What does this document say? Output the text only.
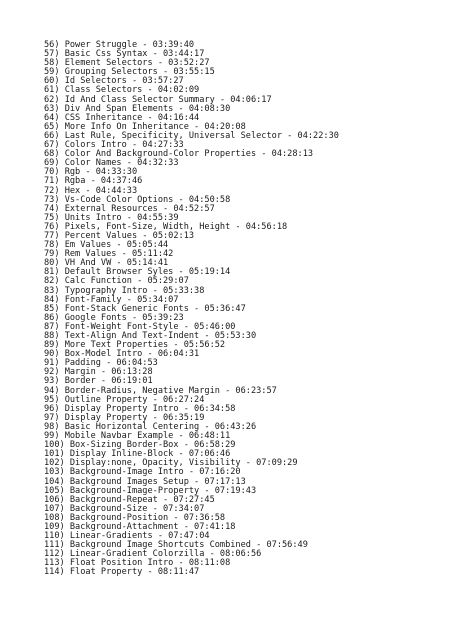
56) Power Struggle - 03:39:40
57) Basic Css Syntax - 03:44:17
58) Element Selectors - 03:52:27
59) Grouping Selectors - 03:55:15
60) Id Selectors - 03:57:27
61) Class Selectors - 04:02:09
62) Id And Class Selector Summary - 04:06:17
63) Div And Span Elements - 04:08:30
64) CSS Inheritance - 04:16:44
65) More Info On Inheritance - 04:20:08
66) Last Rule, Specificity, Universal Selector - 04:22:30
67) Colors Intro - 04:27:33
68) Color And Background-Color Properties - 04:28:13
69) Color Names - 04:32:33
70) Rgb - 04:33:30
71) Rgba - 04:37:46
72) Hex - 04:44:33
73) Vs-Code Color Options - 04:50:58
74) External Resources - 04:52:57
75) Units Intro - 04:55:39
76) Pixels, Font-Size, Width, Height - 04:56:18
77) Percent Values - 05:02:13
78) Em Values - 05:05:44
79) Rem Values - 05:11:42
80) VH And VW - 05:14:41
81) Default Browser Syles - 05:19:14
82) Calc Function - 05:29:07
83) Typography Intro - 05:33:38
84) Font-Family - 05:34:07
85) Font-Stack Generic Fonts - 05:36:47
86) Google Fonts - 05:39:23
87) Font-Weight Font-Style - 05:46:00
88) Text-Align And Text-Indent - 05:53:30
89) More Text Properties - 05:56:52
90) Box-Model Intro - 06:04:31
91) Padding - 06:04:53
92) Margin - 06:13:28
93) Border - 06:19:01
94) Border-Radius, Negative Margin - 06:23:57
95) Outline Property - 06:27:24
96) Display Property Intro - 06:34:58
97) Display Property - 06:35:19
98) Basic Horizontal Centering - 06:43:26
99) Mobile Navbar Example - 06:48:11
100) Box-Sizing Border-Box - 06:58:29
101) Display Inline-Block - 07:06:46
102) Display:none, Opacity, Visibility - 07:09:29
103) Background-Image Intro - 07:16:20
104) Background Images Setup - 07:17:13
105) Background-Image-Property - 07:19:43
106) Background-Repeat - 07:27:45
107) Background-Size - 07:34:07
108) Background-Position - 07:36:58
109) Background-Attachment - 07:41:18
110) Linear-Gradients - 07:47:04
111) Background Image Shortcuts Combined - 07:56:49
112) Linear-Gradient Colorzilla - 08:06:56
113) Float Position Intro - 08:11:08
114) Float Property - 08:11:47
